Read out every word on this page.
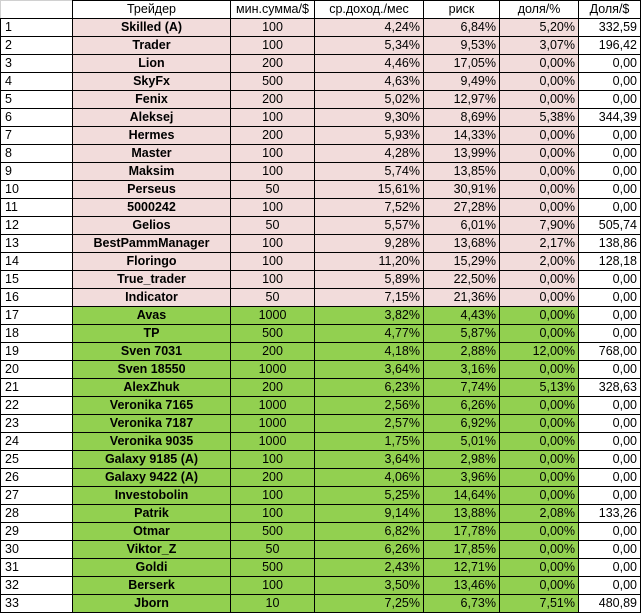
	Трейдер	мин.сумма/$	ср.доход./мес	риск	доля/%	Доля/$
1	Skilled (A)	100	4,24%	6,84%	5,20%	332,59
2	Trader	100	5,34%	9,53%	3,07%	196,42
3	Lion	200	4,46%	17,05%	0,00%	0,00
4	SkyFx	500	4,63%	9,49%	0,00%	0,00
5	Fenix	200	5,02%	12,97%	0,00%	0,00
6	Aleksej	100	9,30%	8,69%	5,38%	344,39
7	Hermes	200	5,93%	14,33%	0,00%	0,00
8	Master	100	4,28%	13,99%	0,00%	0,00
9	Maksim	100	5,74%	13,85%	0,00%	0,00
10	Perseus	50	15,61%	30,91%	0,00%	0,00
11	5000242	100	7,52%	27,28%	0,00%	0,00
12	Gelios	50	5,57%	6,01%	7,90%	505,74
13	BestPammManager	100	9,28%	13,68%	2,17%	138,86
14	Floringo	100	11,20%	15,29%	2,00%	128,18
15	True_trader	100	5,89%	22,50%	0,00%	0,00
16	Indicator	50	7,15%	21,36%	0,00%	0,00
17	Avas	1000	3,82%	4,43%	0,00%	0,00
18	TP	500	4,77%	5,87%	0,00%	0,00
19	Sven 7031	200	4,18%	2,88%	12,00%	768,00
20	Sven 18550	1000	3,64%	3,16%	0,00%	0,00
21	AlexZhuk	200	6,23%	7,74%	5,13%	328,63
22	Veronika 7165	1000	2,56%	6,26%	0,00%	0,00
23	Veronika 7187	1000	2,57%	6,92%	0,00%	0,00
24	Veronika 9035	1000	1,75%	5,01%	0,00%	0,00
25	Galaxy 9185 (A)	100	3,64%	2,98%	0,00%	0,00
26	Galaxy 9422 (A)	200	4,06%	3,96%	0,00%	0,00
27	Investobolin	100	5,25%	14,64%	0,00%	0,00
28	Patrik	100	9,14%	13,88%	2,08%	133,26
29	Otmar	500	6,82%	17,78%	0,00%	0,00
30	Viktor_Z	50	6,26%	17,85%	0,00%	0,00
31	Goldi	500	2,43%	12,71%	0,00%	0,00
32	Berserk	100	3,50%	13,46%	0,00%	0,00
33	Jborn	10	7,25%	6,73%	7,51%	480,89
